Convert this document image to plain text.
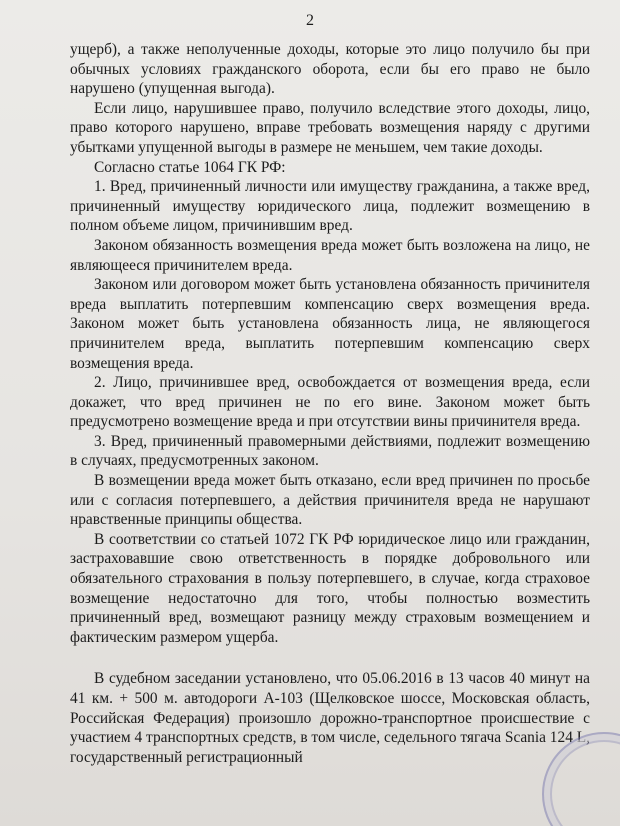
2

ущерб), а также неполученные доходы, которые это лицо получило бы при обычных условиях гражданского оборота, если бы его право не было нарушено (упущенная выгода).

Если лицо, нарушившее право, получило вследствие этого доходы, лицо, право которого нарушено, вправе требовать возмещения наряду с другими убытками упущенной выгоды в размере не меньшем, чем такие доходы.

Согласно статье 1064 ГК РФ:

1. Вред, причиненный личности или имуществу гражданина, а также вред, причиненный имуществу юридического лица, подлежит возмещению в полном объеме лицом, причинившим вред.

Законом обязанность возмещения вреда может быть возложена на лицо, не являющееся причинителем вреда.

Законом или договором может быть установлена обязанность причинителя вреда выплатить потерпевшим компенсацию сверх возмещения вреда. Законом может быть установлена обязанность лица, не являющегося причинителем вреда, выплатить потерпевшим компенсацию сверх возмещения вреда.

2. Лицо, причинившее вред, освобождается от возмещения вреда, если докажет, что вред причинен не по его вине. Законом может быть предусмотрено возмещение вреда и при отсутствии вины причинителя вреда.

3. Вред, причиненный правомерными действиями, подлежит возмещению в случаях, предусмотренных законом.

В возмещении вреда может быть отказано, если вред причинен по просьбе или с согласия потерпевшего, а действия причинителя вреда не нарушают нравственные принципы общества.

В соответствии со статьей 1072 ГК РФ юридическое лицо или гражданин, застраховавшие свою ответственность в порядке добровольного или обязательного страхования в пользу потерпевшего, в случае, когда страховое возмещение недостаточно для того, чтобы полностью возместить причиненный вред, возмещают разницу между страховым возмещением и фактическим размером ущерба.

В судебном заседании установлено, что 05.06.2016 в 13 часов 40 минут на 41 км. + 500 м. автодороги А-103 (Щелковское шоссе, Московская область, Российская Федерация) произошло дорожно-транспортное происшествие с участием 4 транспортных средств, в том числе, седельного тягача Scania 124 L, государственный регистрационный
